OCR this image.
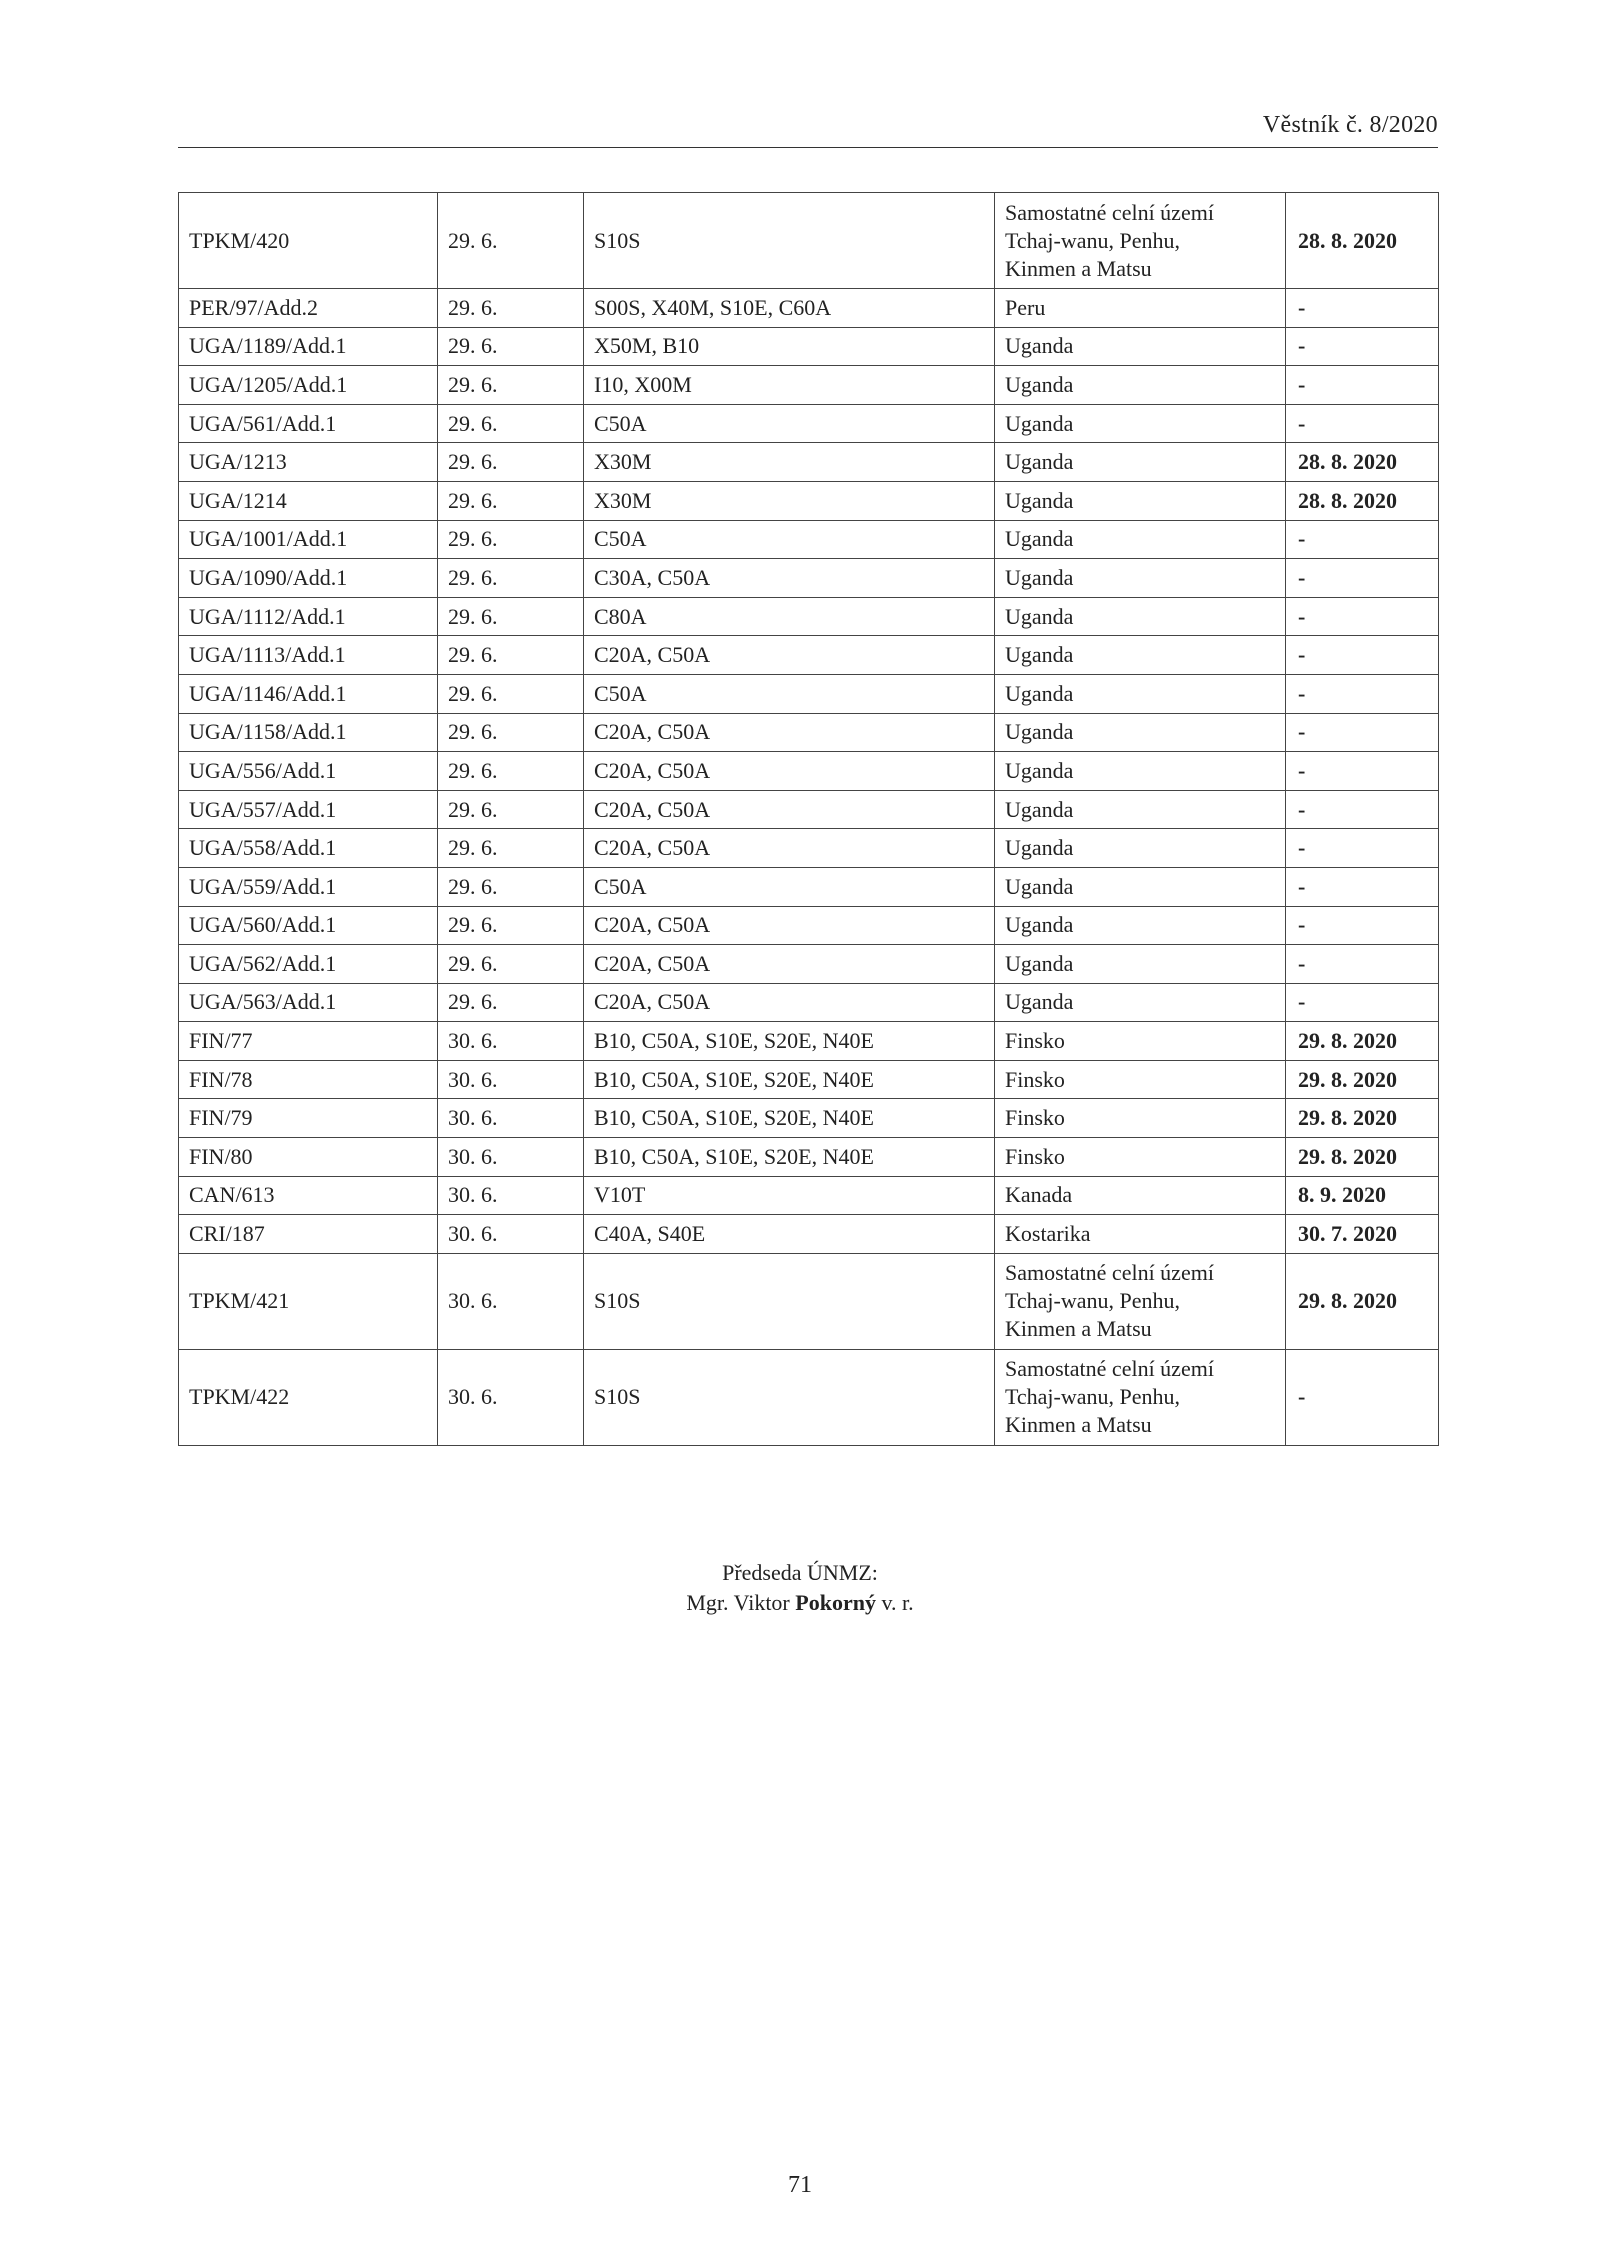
Věstník č. 8/2020
TPKM/420	29. 6.	S10S	Samostatné celní území
Tchaj-wanu, Penhu,
Kinmen a Matsu	28. 8. 2020
PER/97/Add.2	29. 6.	S00S, X40M, S10E, C60A	Peru	-
UGA/1189/Add.1	29. 6.	X50M, B10	Uganda	-
UGA/1205/Add.1	29. 6.	I10, X00M	Uganda	-
UGA/561/Add.1	29. 6.	C50A	Uganda	-
UGA/1213	29. 6.	X30M	Uganda	28. 8. 2020
UGA/1214	29. 6.	X30M	Uganda	28. 8. 2020
UGA/1001/Add.1	29. 6.	C50A	Uganda	-
UGA/1090/Add.1	29. 6.	C30A, C50A	Uganda	-
UGA/1112/Add.1	29. 6.	C80A	Uganda	-
UGA/1113/Add.1	29. 6.	C20A, C50A	Uganda	-
UGA/1146/Add.1	29. 6.	C50A	Uganda	-
UGA/1158/Add.1	29. 6.	C20A, C50A	Uganda	-
UGA/556/Add.1	29. 6.	C20A, C50A	Uganda	-
UGA/557/Add.1	29. 6.	C20A, C50A	Uganda	-
UGA/558/Add.1	29. 6.	C20A, C50A	Uganda	-
UGA/559/Add.1	29. 6.	C50A	Uganda	-
UGA/560/Add.1	29. 6.	C20A, C50A	Uganda	-
UGA/562/Add.1	29. 6.	C20A, C50A	Uganda	-
UGA/563/Add.1	29. 6.	C20A, C50A	Uganda	-
FIN/77	30. 6.	B10, C50A, S10E, S20E, N40E	Finsko	29. 8. 2020
FIN/78	30. 6.	B10, C50A, S10E, S20E, N40E	Finsko	29. 8. 2020
FIN/79	30. 6.	B10, C50A, S10E, S20E, N40E	Finsko	29. 8. 2020
FIN/80	30. 6.	B10, C50A, S10E, S20E, N40E	Finsko	29. 8. 2020
CAN/613	30. 6.	V10T	Kanada	8. 9. 2020
CRI/187	30. 6.	C40A, S40E	Kostarika	30. 7. 2020
TPKM/421	30. 6.	S10S	Samostatné celní území
Tchaj-wanu, Penhu,
Kinmen a Matsu	29. 8. 2020
TPKM/422	30. 6.	S10S	Samostatné celní území
Tchaj-wanu, Penhu,
Kinmen a Matsu	-
Předseda ÚNMZ:
Mgr. Viktor Pokorný v. r.
71
